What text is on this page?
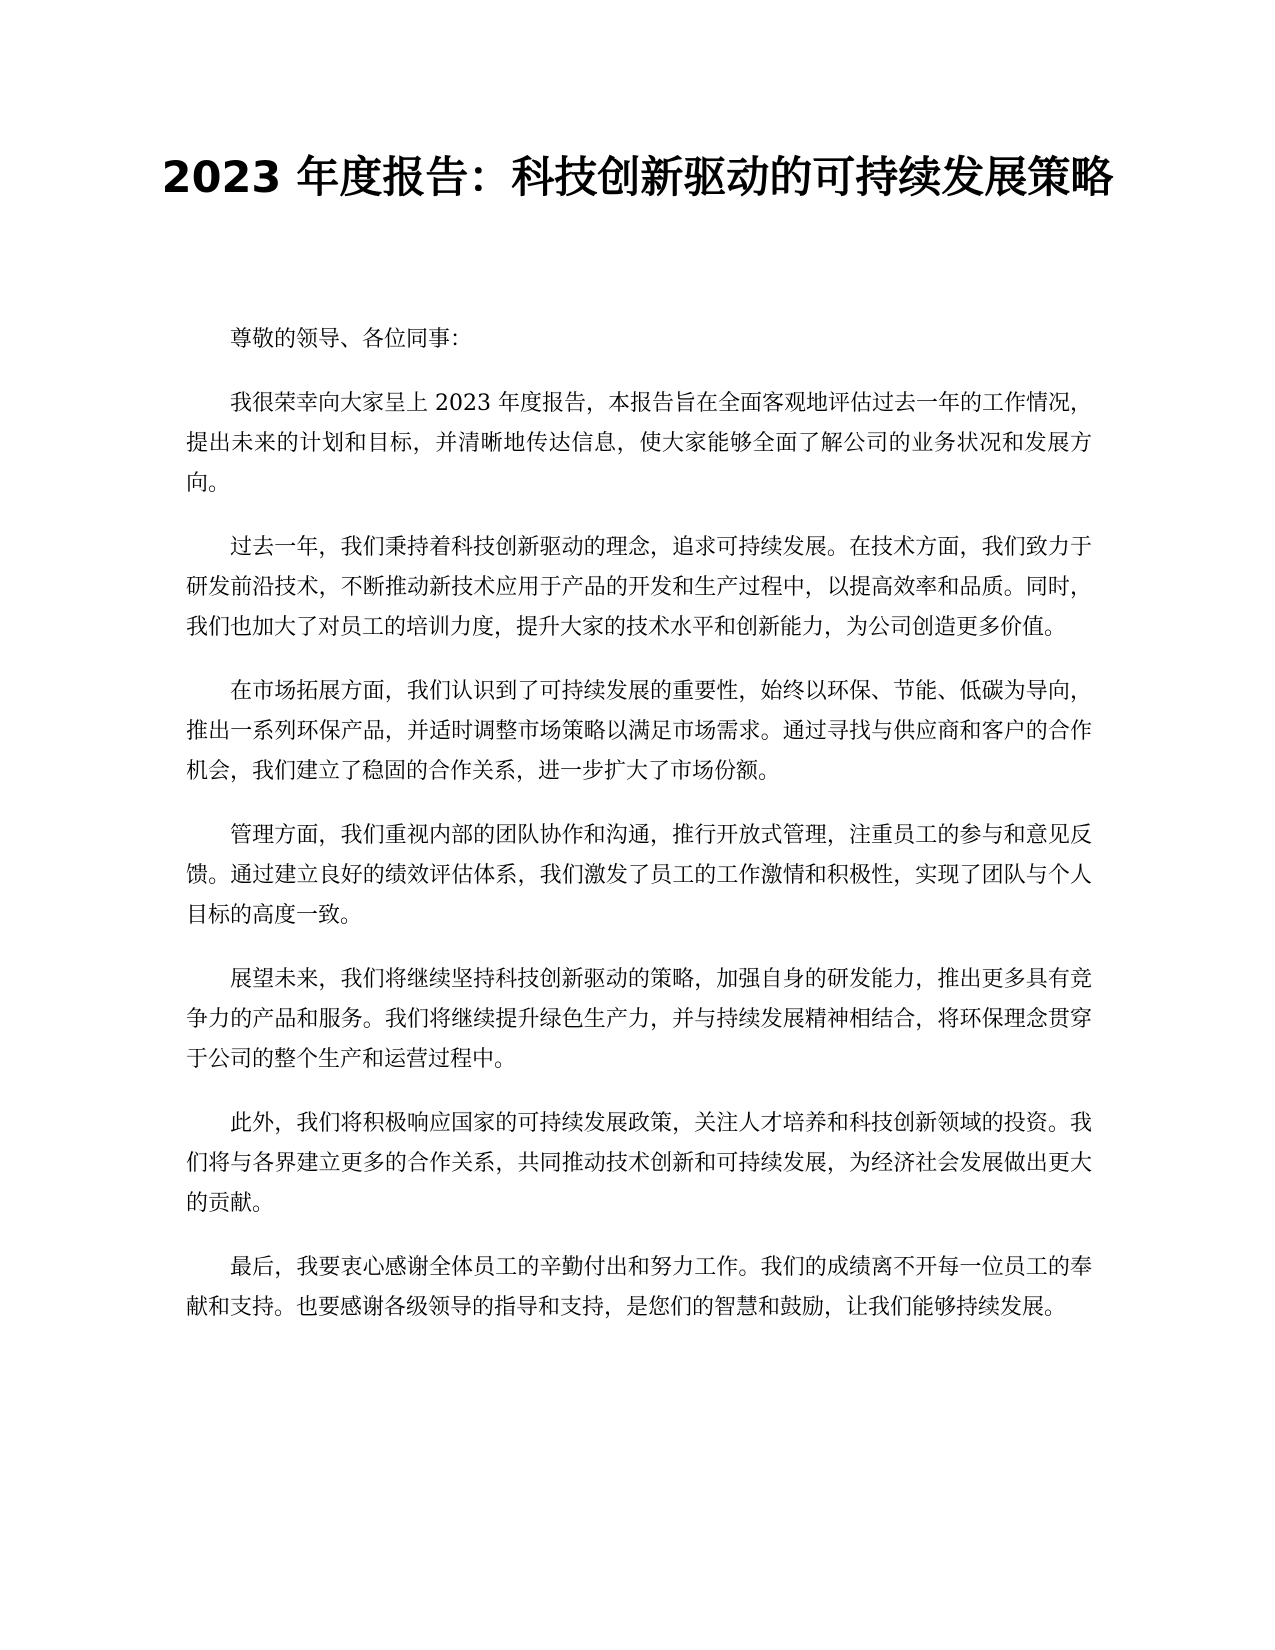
2023 年度报告：科技创新驱动的可持续发展策略

尊敬的领导、各位同事：

我很荣幸向大家呈上 2023 年度报告，本报告旨在全面客观地评估过去一年的工作情况，提出未来的计划和目标，并清晰地传达信息，使大家能够全面了解公司的业务状况和发展方向。

过去一年，我们秉持着科技创新驱动的理念，追求可持续发展。在技术方面，我们致力于研发前沿技术，不断推动新技术应用于产品的开发和生产过程中，以提高效率和品质。同时，我们也加大了对员工的培训力度，提升大家的技术水平和创新能力，为公司创造更多价值。

在市场拓展方面，我们认识到了可持续发展的重要性，始终以环保、节能、低碳为导向，推出一系列环保产品，并适时调整市场策略以满足市场需求。通过寻找与供应商和客户的合作机会，我们建立了稳固的合作关系，进一步扩大了市场份额。

管理方面，我们重视内部的团队协作和沟通，推行开放式管理，注重员工的参与和意见反馈。通过建立良好的绩效评估体系，我们激发了员工的工作激情和积极性，实现了团队与个人目标的高度一致。

展望未来，我们将继续坚持科技创新驱动的策略，加强自身的研发能力，推出更多具有竞争力的产品和服务。我们将继续提升绿色生产力，并与持续发展精神相结合，将环保理念贯穿于公司的整个生产和运营过程中。

此外，我们将积极响应国家的可持续发展政策，关注人才培养和科技创新领域的投资。我们将与各界建立更多的合作关系，共同推动技术创新和可持续发展，为经济社会发展做出更大的贡献。

最后，我要衷心感谢全体员工的辛勤付出和努力工作。我们的成绩离不开每一位员工的奉献和支持。也要感谢各级领导的指导和支持，是您们的智慧和鼓励，让我们能够持续发展。
